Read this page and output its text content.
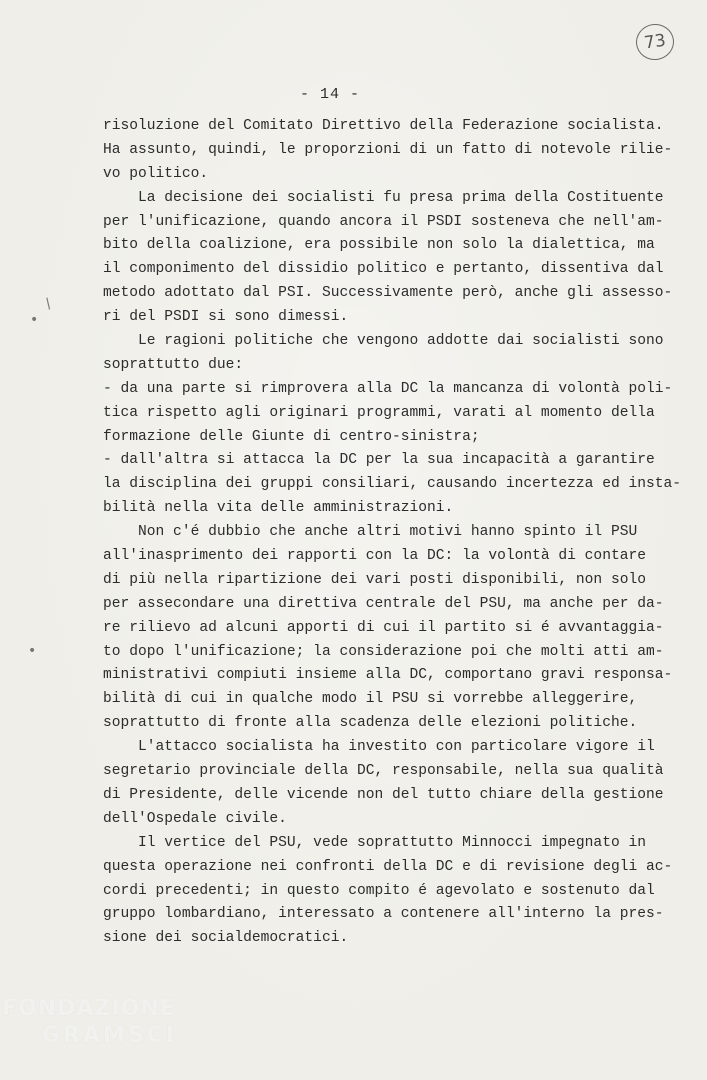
73
- 14 -
risoluzione del Comitato Direttivo della Federazione socialista.
Ha assunto, quindi, le proporzioni di un fatto di notevole rilie-
vo politico.
La decisione dei socialisti fu presa prima della Costituente
per l'unificazione, quando ancora il PSDI sosteneva che nell'am-
bito della coalizione, era possibile non solo la dialettica, ma
il componimento del dissidio politico e pertanto, dissentiva dal
metodo adottato dal PSI. Successivamente però, anche gli assesso-
ri del PSDI si sono dimessi.
Le ragioni politiche che vengono addotte dai socialisti sono
soprattutto due:
- da una parte si rimprovera alla DC la mancanza di volontà poli-
tica rispetto agli originari programmi, varati al momento della
formazione delle Giunte di centro-sinistra;
- dall'altra si attacca la DC per la sua incapacità a garantire
la disciplina dei gruppi consiliari, causando incertezza ed insta-
bilità nella vita delle amministrazioni.
Non c'é dubbio che anche altri motivi hanno spinto il PSU
all'inasprimento dei rapporti con la DC: la volontà di contare
di più nella ripartizione dei vari posti disponibili, non solo
per assecondare una direttiva centrale del PSU, ma anche per da-
re rilievo ad alcuni apporti di cui il partito si é avvantaggia-
to dopo l'unificazione; la considerazione poi che molti atti am-
ministrativi compiuti insieme alla DC, comportano gravi responsa-
bilità di cui in qualche modo il PSU si vorrebbe alleggerire,
soprattutto di fronte alla scadenza delle elezioni politiche.
L'attacco socialista ha investito con particolare vigore il
segretario provinciale della DC, responsabile, nella sua qualità
di Presidente, delle vicende non del tutto chiare della gestione
dell'Ospedale civile.
Il vertice del PSU, vede soprattutto Minnocci impegnato in
questa operazione nei confronti della DC e di revisione degli ac-
cordi precedenti; in questo compito é agevolato e sostenuto dal
gruppo lombardiano, interessato a contenere all'interno la pres-
sione dei socialdemocratici.
•
•
/
FONDAZIONE
GRAMSCI onlus
